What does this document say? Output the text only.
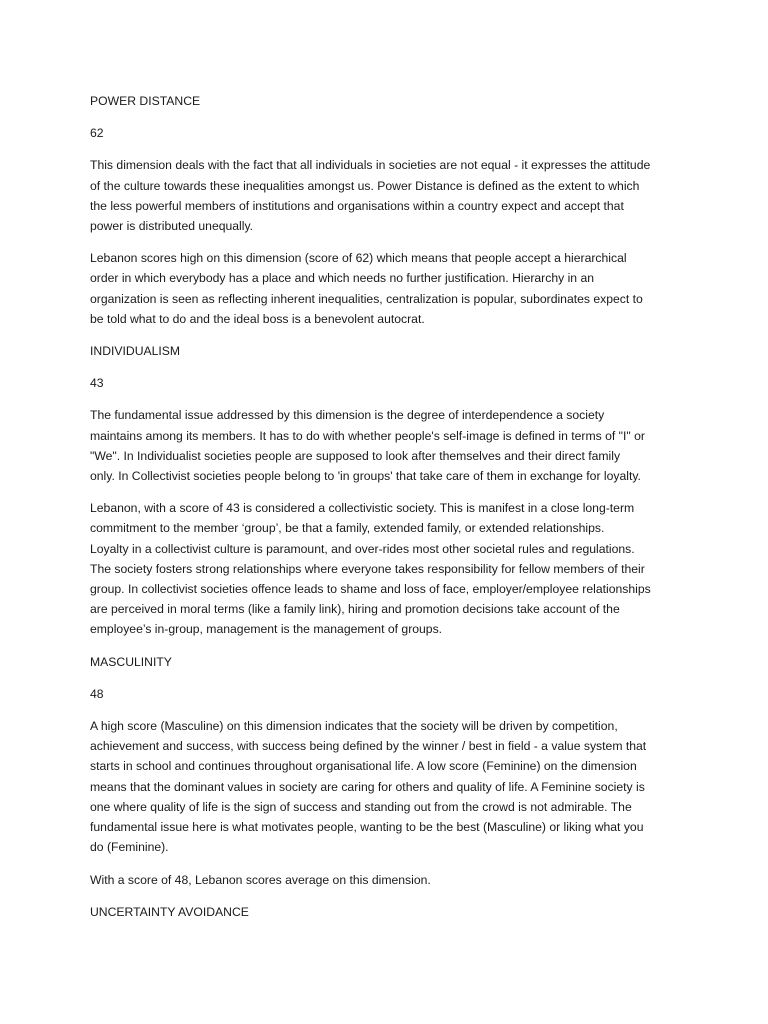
POWER DISTANCE

62

This dimension deals with the fact that all individuals in societies are not equal - it expresses the attitude
of the culture towards these inequalities amongst us. Power Distance is defined as the extent to which
the less powerful members of institutions and organisations within a country expect and accept that
power is distributed unequally.

Lebanon scores high on this dimension (score of 62) which means that people accept a hierarchical
order in which everybody has a place and which needs no further justification. Hierarchy in an
organization is seen as reflecting inherent inequalities, centralization is popular, subordinates expect to
be told what to do and the ideal boss is a benevolent autocrat.

INDIVIDUALISM

43

The fundamental issue addressed by this dimension is the degree of interdependence a society
maintains among its members. It has to do with whether people's self-image is defined in terms of "I" or
"We". In Individualist societies people are supposed to look after themselves and their direct family
only. In Collectivist societies people belong to 'in groups' that take care of them in exchange for loyalty.

Lebanon, with a score of 43 is considered a collectivistic society. This is manifest in a close long-term
commitment to the member ‘group’, be that a family, extended family, or extended relationships.
Loyalty in a collectivist culture is paramount, and over-rides most other societal rules and regulations.
The society fosters strong relationships where everyone takes responsibility for fellow members of their
group. In collectivist societies offence leads to shame and loss of face, employer/employee relationships
are perceived in moral terms (like a family link), hiring and promotion decisions take account of the
employee’s in-group, management is the management of groups.

MASCULINITY

48

A high score (Masculine) on this dimension indicates that the society will be driven by competition,
achievement and success, with success being defined by the winner / best in field - a value system that
starts in school and continues throughout organisational life. A low score (Feminine) on the dimension
means that the dominant values in society are caring for others and quality of life. A Feminine society is
one where quality of life is the sign of success and standing out from the crowd is not admirable. The
fundamental issue here is what motivates people, wanting to be the best (Masculine) or liking what you
do (Feminine).

With a score of 48, Lebanon scores average on this dimension.

UNCERTAINTY AVOIDANCE
